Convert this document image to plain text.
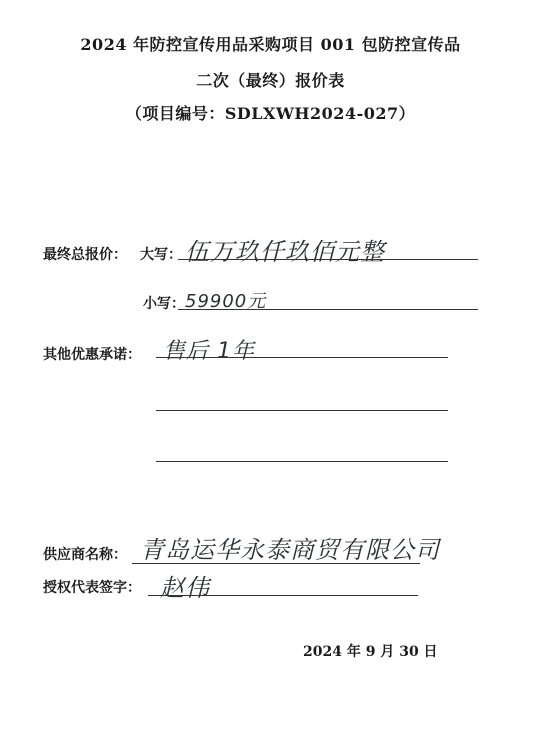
2024 年防控宣传用品采购项目 001 包防控宣传品
二次（最终）报价表
（项目编号：SDLXWH2024-027）
最终总报价： 大写： 伍万玖仟玖佰元整
小写： 59900元
其他优惠承诺： 售后 1年
供应商名称： 青岛运华永泰商贸有限公司
授权代表签字： 赵伟
2024 年 9 月 30 日
